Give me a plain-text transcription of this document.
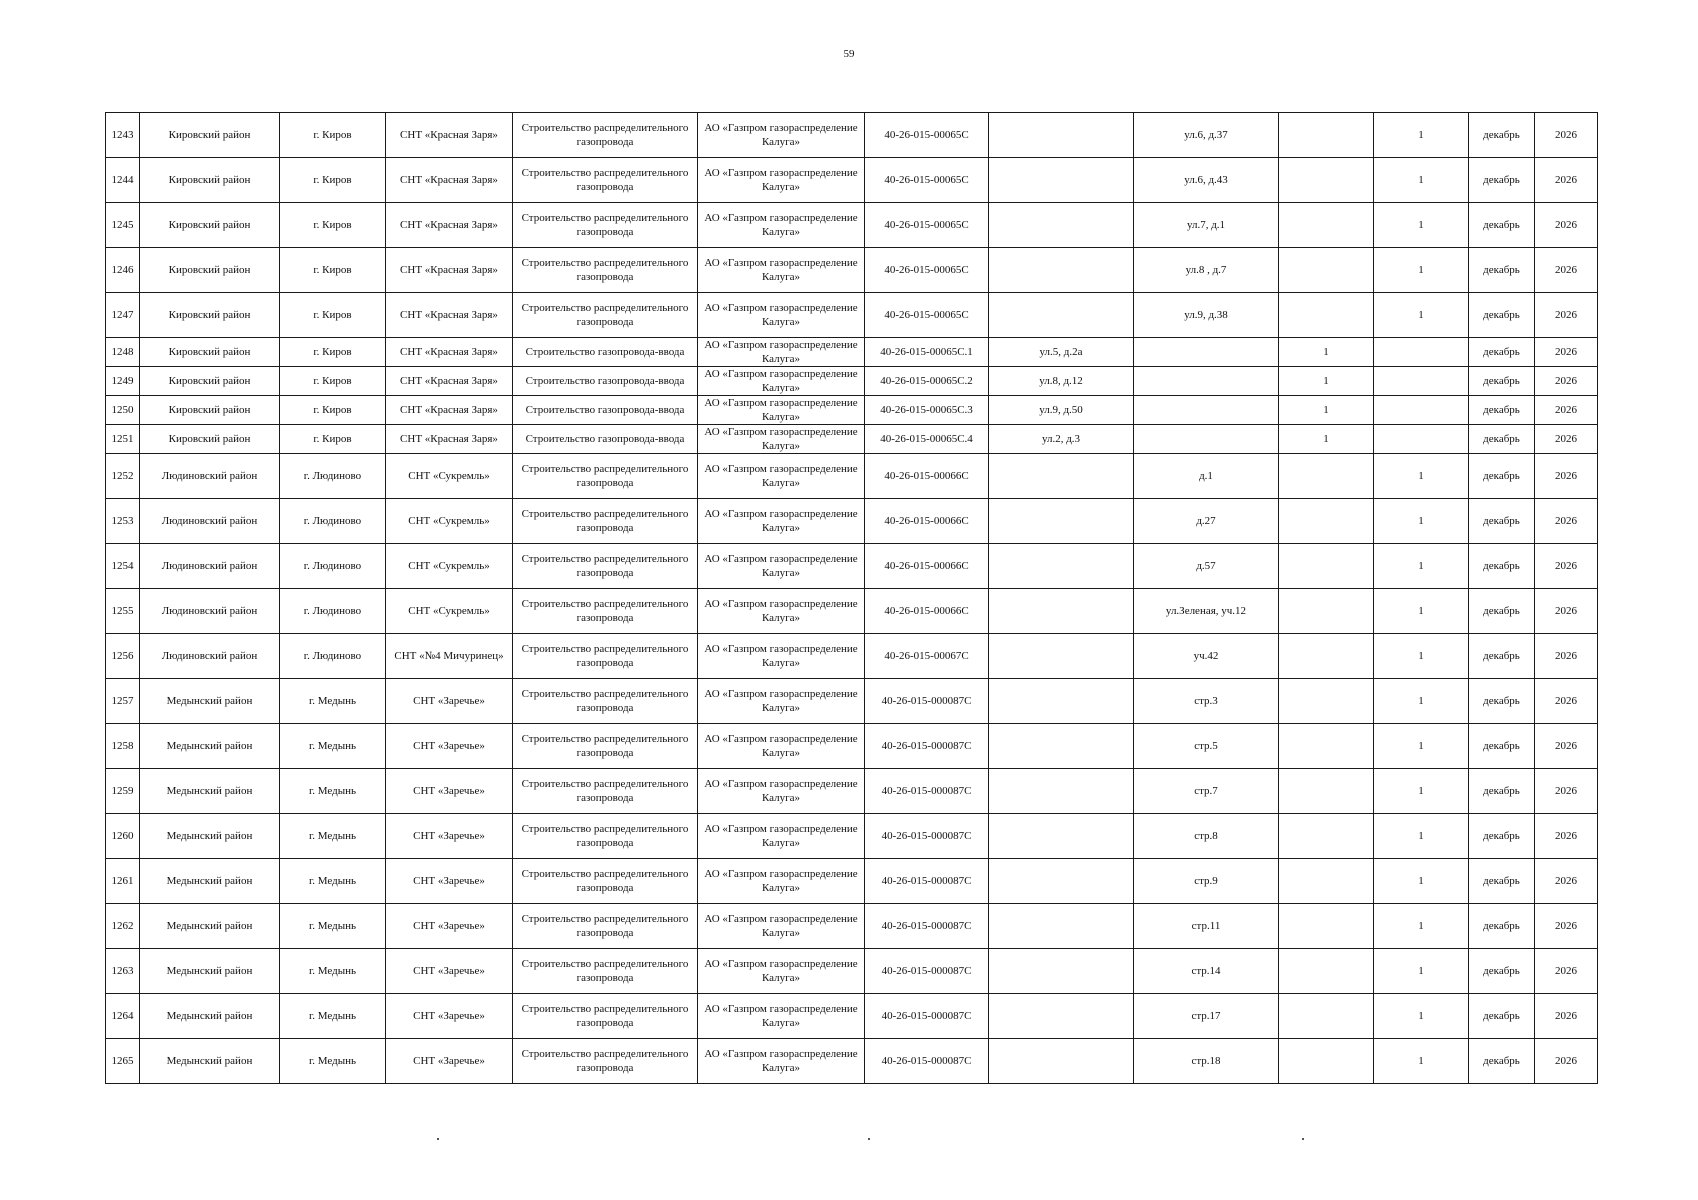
59
1243	Кировский район	г. Киров	СНТ «Красная Заря»	Строительство распределительного газопровода	АО «Газпром газораспределение Калуга»	40-26-015-00065С		ул.6, д.37		1	декабрь	2026
1244	Кировский район	г. Киров	СНТ «Красная Заря»	Строительство распределительного газопровода	АО «Газпром газораспределение Калуга»	40-26-015-00065С		ул.6, д.43		1	декабрь	2026
1245	Кировский район	г. Киров	СНТ «Красная Заря»	Строительство распределительного газопровода	АО «Газпром газораспределение Калуга»	40-26-015-00065С		ул.7, д.1		1	декабрь	2026
1246	Кировский район	г. Киров	СНТ «Красная Заря»	Строительство распределительного газопровода	АО «Газпром газораспределение Калуга»	40-26-015-00065С		ул.8 , д.7		1	декабрь	2026
1247	Кировский район	г. Киров	СНТ «Красная Заря»	Строительство распределительного газопровода	АО «Газпром газораспределение Калуга»	40-26-015-00065С		ул.9, д.38		1	декабрь	2026
1248	Кировский район	г. Киров	СНТ «Красная Заря»	Строительство газопровода-ввода	АО «Газпром газораспределение Калуга»	40-26-015-00065С.1	ул.5, д.2а		1		декабрь	2026
1249	Кировский район	г. Киров	СНТ «Красная Заря»	Строительство газопровода-ввода	АО «Газпром газораспределение Калуга»	40-26-015-00065С.2	ул.8, д.12		1		декабрь	2026
1250	Кировский район	г. Киров	СНТ «Красная Заря»	Строительство газопровода-ввода	АО «Газпром газораспределение Калуга»	40-26-015-00065С.3	ул.9, д.50		1		декабрь	2026
1251	Кировский район	г. Киров	СНТ «Красная Заря»	Строительство газопровода-ввода	АО «Газпром газораспределение Калуга»	40-26-015-00065С.4	ул.2, д.3		1		декабрь	2026
1252	Людиновский район	г. Людиново	СНТ «Сукремль»	Строительство распределительного газопровода	АО «Газпром газораспределение Калуга»	40-26-015-00066С		д.1		1	декабрь	2026
1253	Людиновский район	г. Людиново	СНТ «Сукремль»	Строительство распределительного газопровода	АО «Газпром газораспределение Калуга»	40-26-015-00066С		д.27		1	декабрь	2026
1254	Людиновский район	г. Людиново	СНТ «Сукремль»	Строительство распределительного газопровода	АО «Газпром газораспределение Калуга»	40-26-015-00066С		д.57		1	декабрь	2026
1255	Людиновский район	г. Людиново	СНТ «Сукремль»	Строительство распределительного газопровода	АО «Газпром газораспределение Калуга»	40-26-015-00066С		ул.Зеленая, уч.12		1	декабрь	2026
1256	Людиновский район	г. Людиново	СНТ «№4 Мичуринец»	Строительство распределительного газопровода	АО «Газпром газораспределение Калуга»	40-26-015-00067С		уч.42		1	декабрь	2026
1257	Медынский район	г. Медынь	СНТ «Заречье»	Строительство распределительного газопровода	АО «Газпром газораспределение Калуга»	40-26-015-000087С		стр.3		1	декабрь	2026
1258	Медынский район	г. Медынь	СНТ «Заречье»	Строительство распределительного газопровода	АО «Газпром газораспределение Калуга»	40-26-015-000087С		стр.5		1	декабрь	2026
1259	Медынский район	г. Медынь	СНТ «Заречье»	Строительство распределительного газопровода	АО «Газпром газораспределение Калуга»	40-26-015-000087С		стр.7		1	декабрь	2026
1260	Медынский район	г. Медынь	СНТ «Заречье»	Строительство распределительного газопровода	АО «Газпром газораспределение Калуга»	40-26-015-000087С		стр.8		1	декабрь	2026
1261	Медынский район	г. Медынь	СНТ «Заречье»	Строительство распределительного газопровода	АО «Газпром газораспределение Калуга»	40-26-015-000087С		стр.9		1	декабрь	2026
1262	Медынский район	г. Медынь	СНТ «Заречье»	Строительство распределительного газопровода	АО «Газпром газораспределение Калуга»	40-26-015-000087С		стр.11		1	декабрь	2026
1263	Медынский район	г. Медынь	СНТ «Заречье»	Строительство распределительного газопровода	АО «Газпром газораспределение Калуга»	40-26-015-000087С		стр.14		1	декабрь	2026
1264	Медынский район	г. Медынь	СНТ «Заречье»	Строительство распределительного газопровода	АО «Газпром газораспределение Калуга»	40-26-015-000087С		стр.17		1	декабрь	2026
1265	Медынский район	г. Медынь	СНТ «Заречье»	Строительство распределительного газопровода	АО «Газпром газораспределение Калуга»	40-26-015-000087С		стр.18		1	декабрь	2026
